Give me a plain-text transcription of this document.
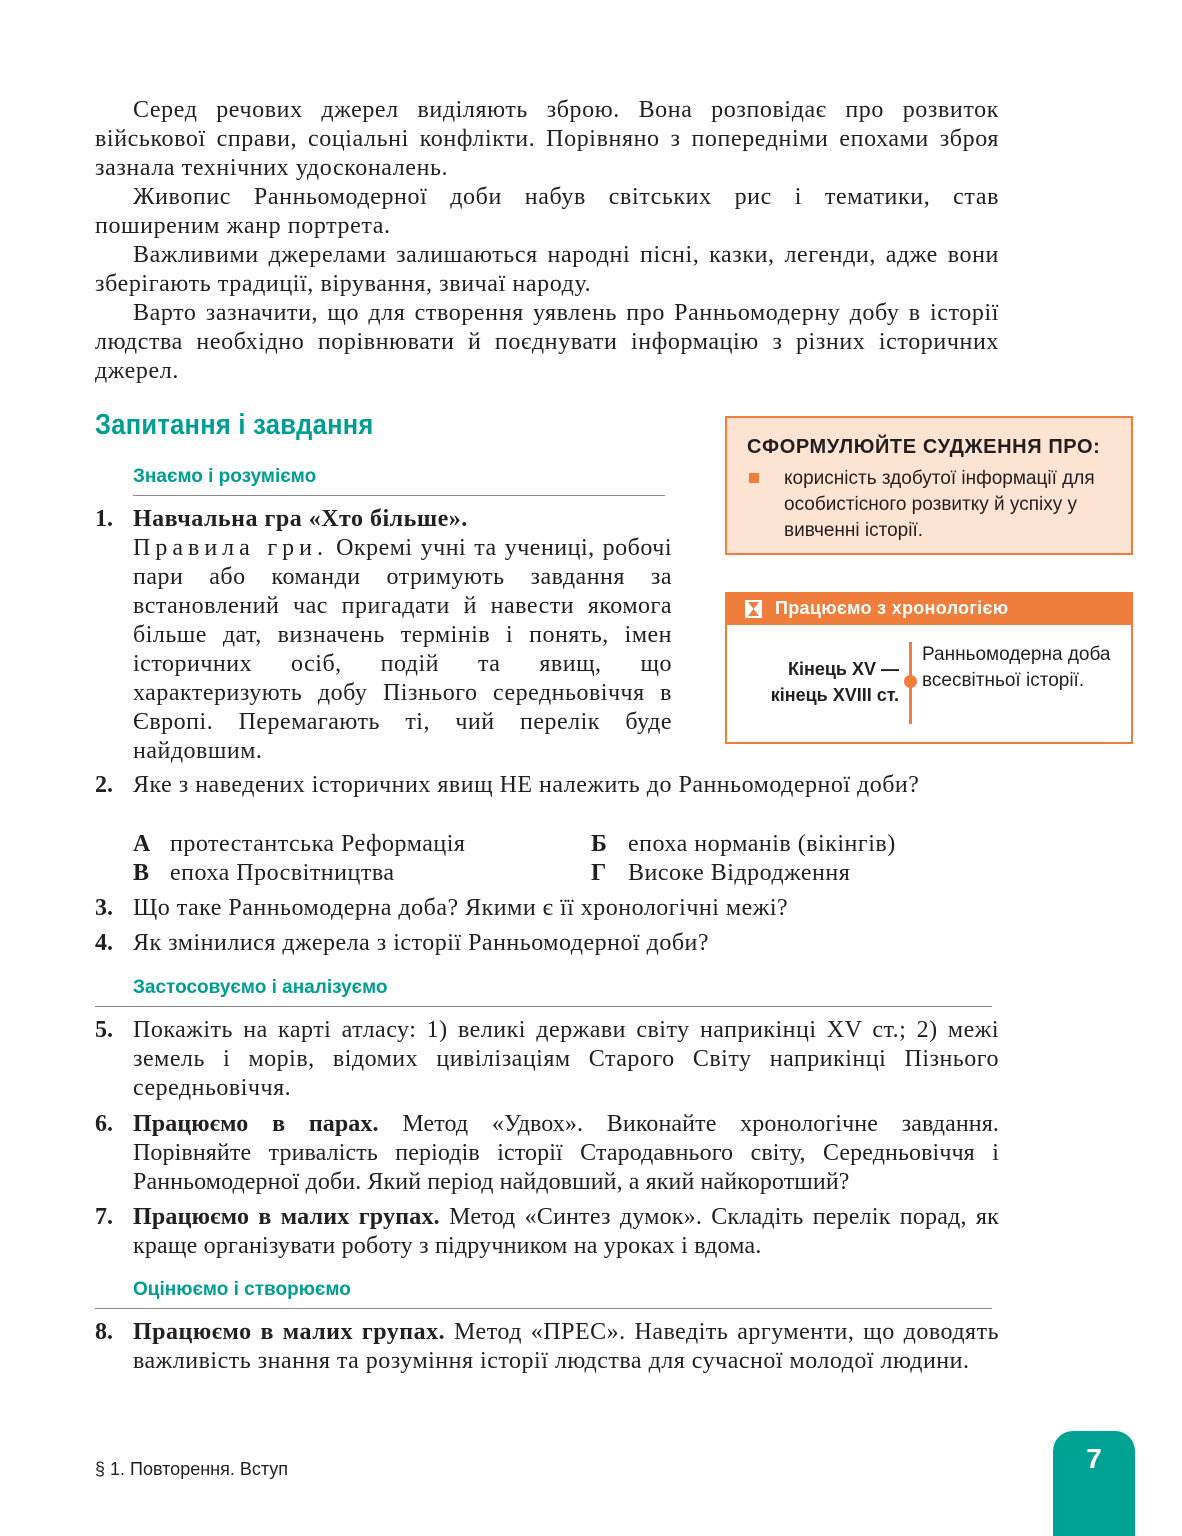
Серед речових джерел виділяють зброю. Вона розповідає про розвиток військової справи, соціальні конфлікти. Порівняно з попередніми епохами зброя зазнала технічних удосконалень.

Живопис Ранньомодерної доби набув світських рис і тематики, став поширеним жанр портрета.

Важливими джерелами залишаються народні пісні, казки, легенди, адже вони зберігають традиції, вірування, звичаї народу.

Варто зазначити, що для створення уявлень про Ранньомодерну добу в історії людства необхідно порівнювати й поєднувати інформацію з різних історичних джерел.

Запитання і завдання
Знаємо і розуміємо
1. Навчальна гра «Хто більше».
Правила гри. Окремі учні та учениці, робочі пари або команди отримують завдання за встановлений час пригадати й навести якомога більше дат, визначень термінів і понять, імен історичних осіб, подій та явищ, що характеризують добу Пізнього середньовіччя в Європі. Перемагають ті, чий перелік буде найдовшим.
2. Яке з наведених історичних явищ НЕ належить до Ранньомодерної доби?
А протестантська Реформація	Б епоха норманів (вікінгів)
В епоха Просвітництва	Г Високе Відродження
3. Що таке Ранньомодерна доба? Якими є її хронологічні межі?
4. Як змінилися джерела з історії Ранньомодерної доби?
Застосовуємо і аналізуємо
5. Покажіть на карті атласу: 1) великі держави світу наприкінці XV ст.; 2) межі земель і морів, відомих цивілізаціям Старого Світу наприкінці Пізнього середньовіччя.
6. Працюємо в парах. Метод «Удвох». Виконайте хронологічне завдання. Порівняйте тривалість періодів історії Стародавнього світу, Середньовіччя і Ранньомодерної доби. Який період найдовший, а який найкоротший?
7. Працюємо в малих групах. Метод «Синтез думок». Складіть перелік порад, як краще організувати роботу з підручником на уроках і вдома.
Оцінюємо і створюємо
8. Працюємо в малих групах. Метод «ПРЕС». Наведіть аргументи, що доводять важливість знання та розуміння історії людства для сучасної молодої людини.
СФОРМУЛЮЙТЕ СУДЖЕННЯ ПРО:
корисність здобутої інформації для особистісного розвитку й успіху у вивченні історії.
Працюємо з хронологією
Кінець XV —
кінець XVIII ст.
Ранньомодерна доба всесвітньої історії.
§ 1. Повторення. Вступ	7
